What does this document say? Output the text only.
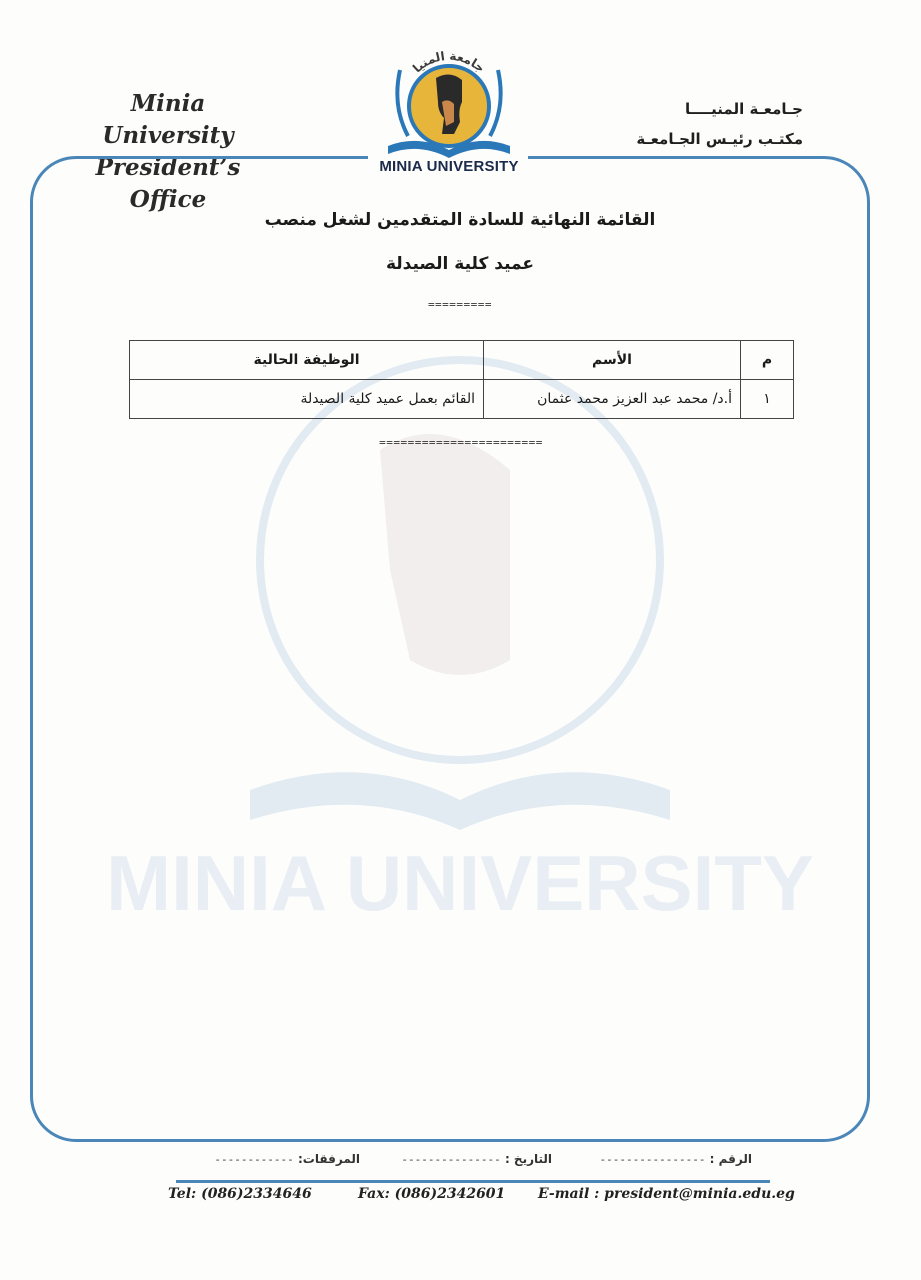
MINIA UNIVERSITY
Minia University
President’s Office
جـامعـة المنيــــا
مكتـب رئيـس الجـامعـة
جامعة المنيا
MINIA UNIVERSITY
القائمة النهائية للسادة المتقدمين لشغل منصب
عميد كلية الصيدلة
=========
م	الأسم	الوظيفة الحالية
١	أ.د/ محمد عبد العزيز محمد عثمان	القائم بعمل عميد كلية الصيدلة
=======================
الرقم : ----------------
التاريخ : ---------------
المرفقات: ------------
Tel: (086)2334646	Fax: (086)2342601 E-mail : president@minia.edu.eg
